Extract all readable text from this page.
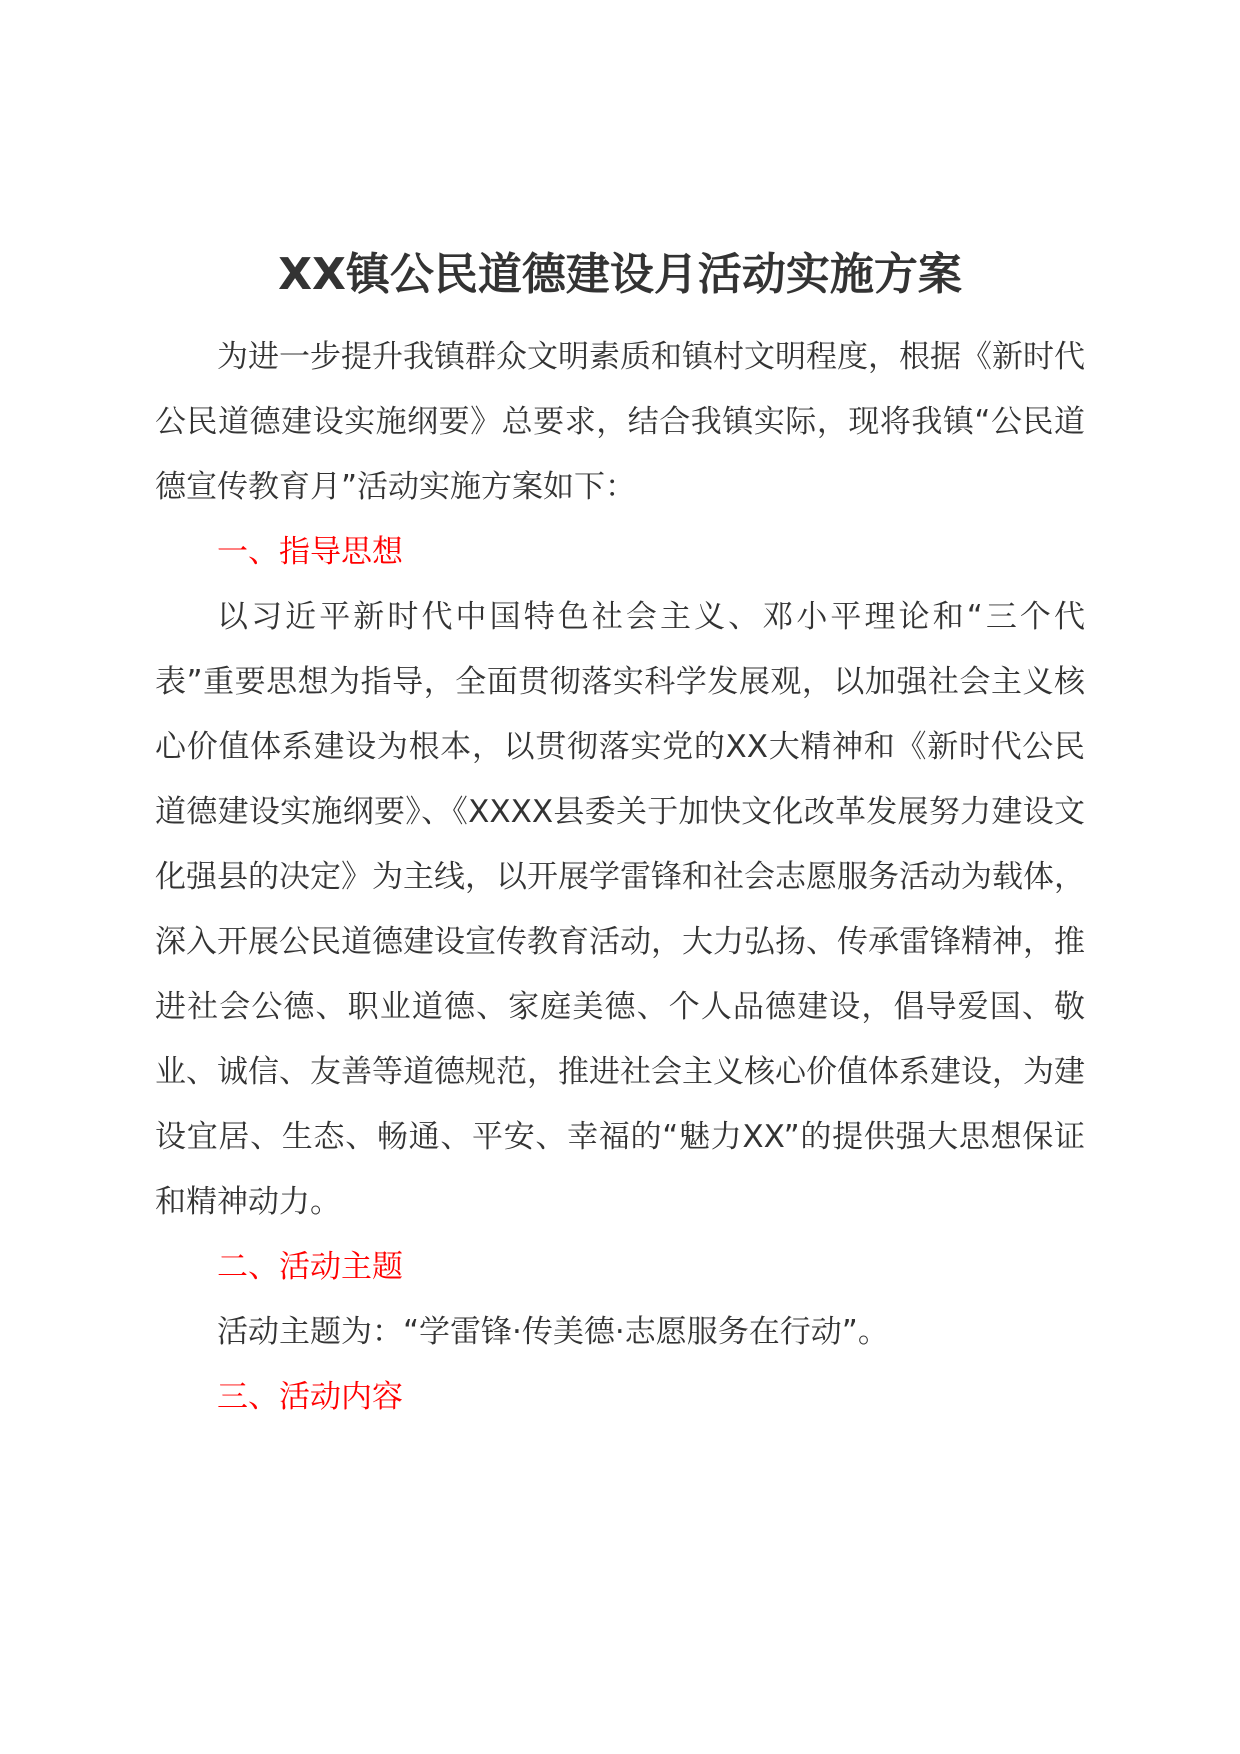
XX镇公民道德建设月活动实施方案

为进一步提升我镇群众文明素质和镇村文明程度，根据《新时代公民道德建设实施纲要》总要求，结合我镇实际，现将我镇“公民道德宣传教育月”活动实施方案如下：

一、指导思想

以习近平新时代中国特色社会主义、邓小平理论和“三个代表”重要思想为指导，全面贯彻落实科学发展观，以加强社会主义核心价值体系建设为根本，以贯彻落实党的XX大精神和《新时代公民道德建设实施纲要》、《XXXX县委关于加快文化改革发展努力建设文化强县的决定》为主线，以开展学雷锋和社会志愿服务活动为载体，深入开展公民道德建设宣传教育活动，大力弘扬、传承雷锋精神，推进社会公德、职业道德、家庭美德、个人品德建设，倡导爱国、敬业、诚信、友善等道德规范，推进社会主义核心价值体系建设，为建设宜居、生态、畅通、平安、幸福的“魅力XX”的提供强大思想保证和精神动力。

二、活动主题

活动主题为：“学雷锋·传美德·志愿服务在行动”。

三、活动内容
